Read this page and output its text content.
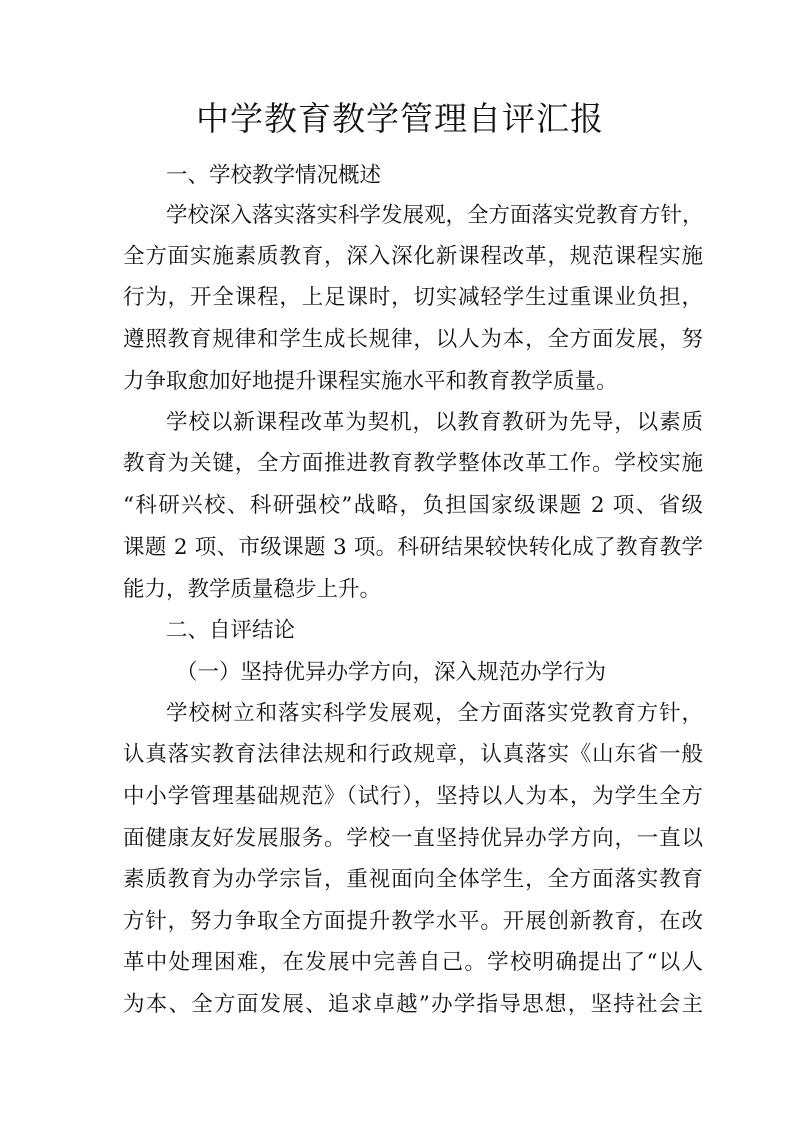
中学教育教学管理自评汇报
一、学校教学情况概述
学校深入落实落实科学发展观，全方面落实党教育方针，
全方面实施素质教育，深入深化新课程改革，规范课程实施
行为，开全课程，上足课时，切实减轻学生过重课业负担，
遵照教育规律和学生成长规律，以人为本，全方面发展，努
力争取愈加好地提升课程实施水平和教育教学质量。
学校以新课程改革为契机，以教育教研为先导，以素质
教育为关键，全方面推进教育教学整体改革工作。学校实施
“科研兴校、科研强校”战略，负担国家级课题 2 项、省级
课题 2 项、市级课题 3 项。科研结果较快转化成了教育教学
能力，教学质量稳步上升。
二、自评结论
（一）坚持优异办学方向，深入规范办学行为
学校树立和落实科学发展观，全方面落实党教育方针，
认真落实教育法律法规和行政规章，认真落实《山东省一般
中小学管理基础规范》（试行），坚持以人为本，为学生全方
面健康友好发展服务。学校一直坚持优异办学方向，一直以
素质教育为办学宗旨，重视面向全体学生，全方面落实教育
方针，努力争取全方面提升教学水平。开展创新教育，在改
革中处理困难，在发展中完善自己。学校明确提出了“以人
为本、全方面发展、追求卓越”办学指导思想，坚持社会主
